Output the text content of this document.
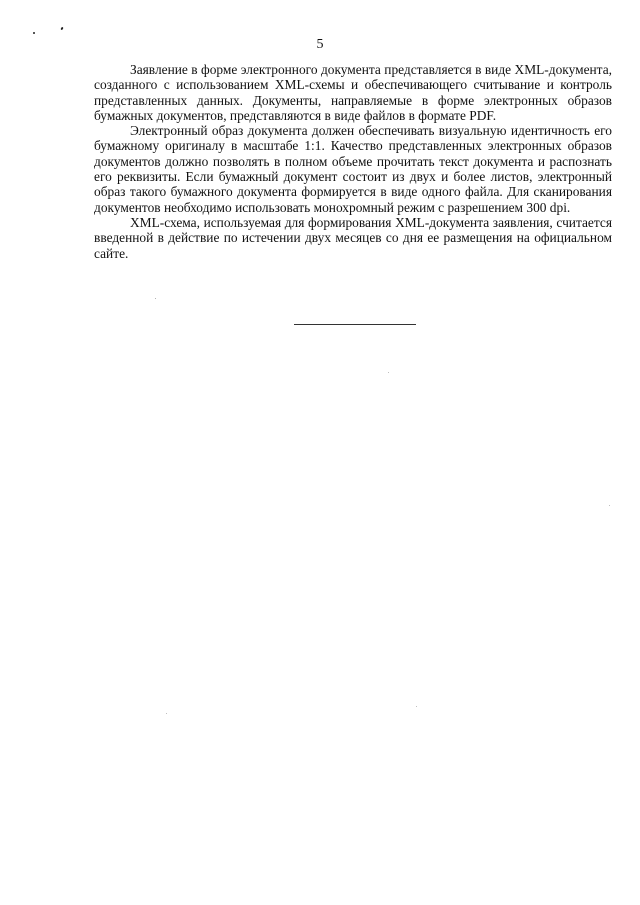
5

Заявление в форме электронного документа представляется в виде XML-документа, созданного с использованием XML-схемы и обеспечивающего считывание и контроль представленных данных. Документы, направляемые в форме электронных образов бумажных документов, представляются в виде файлов в формате PDF.

Электронный образ документа должен обеспечивать визуальную идентичность его бумажному оригиналу в масштабе 1:1. Качество представленных электронных образов документов должно позволять в полном объеме прочитать текст документа и распознать его реквизиты. Если бумажный документ состоит из двух и более листов, электронный образ такого бумажного документа формируется в виде одного файла. Для сканирования документов необходимо использовать монохромный режим с разрешением 300 dpi.

XML-схема, используемая для формирования XML-документа заявления, считается введенной в действие по истечении двух месяцев со дня ее размещения на официальном сайте.
